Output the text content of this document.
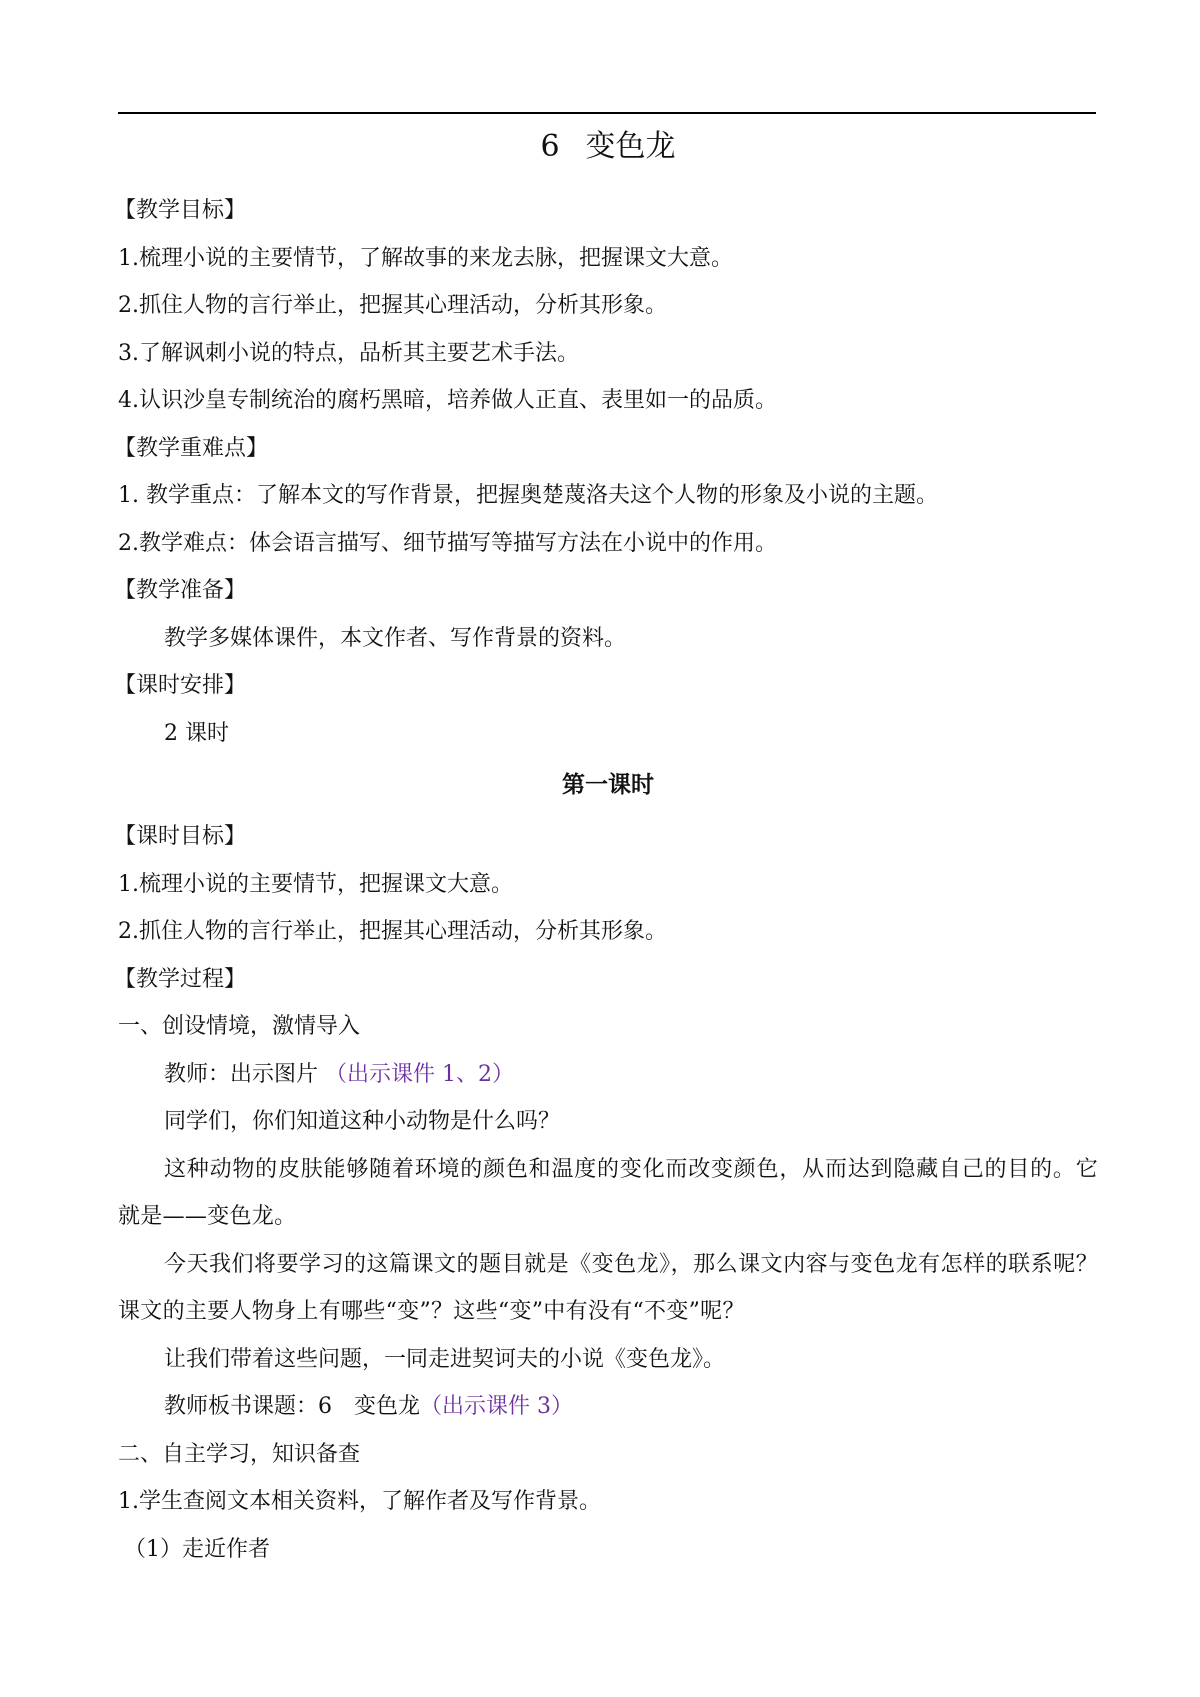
6 变色龙

【教学目标】

1.梳理小说的主要情节，了解故事的来龙去脉，把握课文大意。

2.抓住人物的言行举止，把握其心理活动，分析其形象。

3.了解讽刺小说的特点，品析其主要艺术手法。

4.认识沙皇专制统治的腐朽黑暗，培养做人正直、表里如一的品质。

【教学重难点】

1. 教学重点：了解本文的写作背景，把握奥楚蔑洛夫这个人物的形象及小说的主题。

2.教学难点：体会语言描写、细节描写等描写方法在小说中的作用。

【教学准备】

教学多媒体课件，本文作者、写作背景的资料。

【课时安排】

2 课时

第一课时

【课时目标】

1.梳理小说的主要情节，把握课文大意。

2.抓住人物的言行举止，把握其心理活动，分析其形象。

【教学过程】

一、创设情境，激情导入

教师：出示图片 （出示课件 1、2）

同学们，你们知道这种小动物是什么吗？

这种动物的皮肤能够随着环境的颜色和温度的变化而改变颜色，从而达到隐藏自己的目的。它就是——变色龙。

今天我们将要学习的这篇课文的题目就是《变色龙》，那么课文内容与变色龙有怎样的联系呢？课文的主要人物身上有哪些“变”？这些“变”中有没有“不变”呢？

让我们带着这些问题，一同走进契诃夫的小说《变色龙》。

教师板书课题：6　变色龙（出示课件 3）

二、自主学习，知识备查

1.学生查阅文本相关资料，了解作者及写作背景。

（1）走近作者
